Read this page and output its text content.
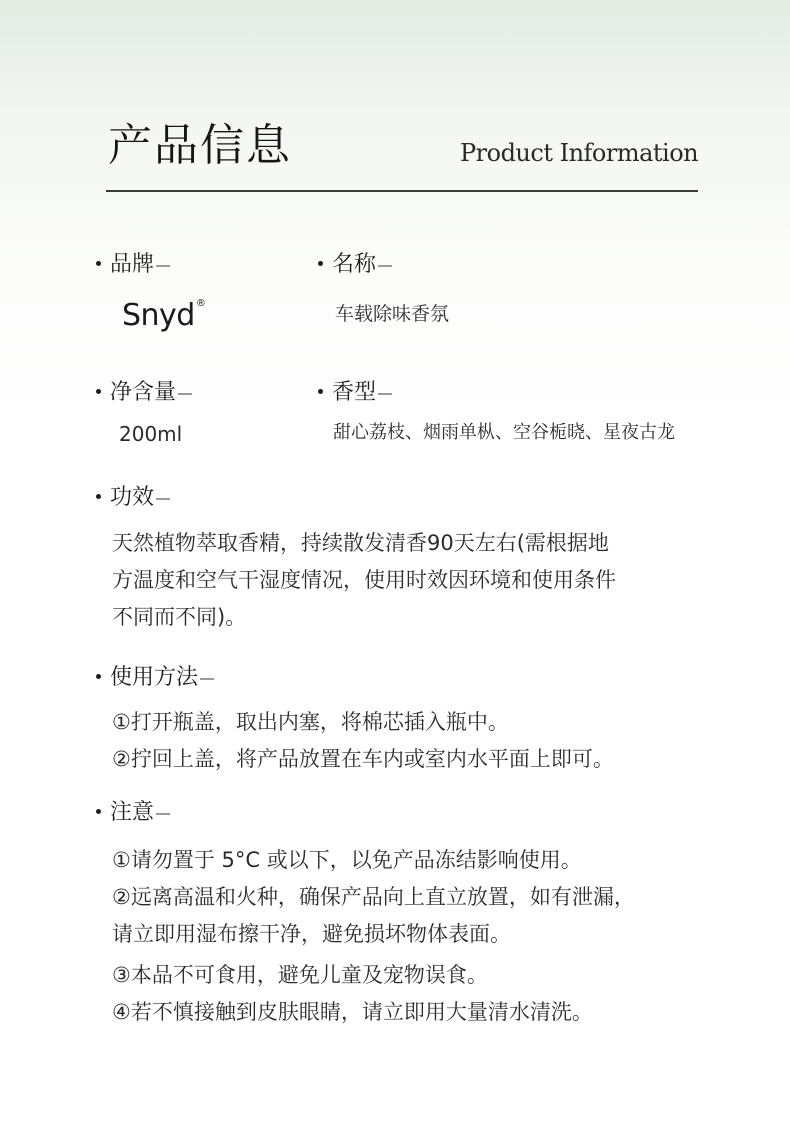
产品信息	Product Information
品牌
Snyd®
名称
车载除味香氛
净含量
200ml
香型
甜心荔枝、烟雨单枞、空谷栀晓、星夜古龙
功效
天然植物萃取香精，持续散发清香90天左右(需根据地
方温度和空气干湿度情况，使用时效因环境和使用条件
不同而不同)。
使用方法
①打开瓶盖，取出内塞，将棉芯插入瓶中。
②拧回上盖，将产品放置在车内或室内水平面上即可。
注意
①请勿置于 5°C 或以下，以免产品冻结影响使用。
②远离高温和火种，确保产品向上直立放置，如有泄漏，
请立即用湿布擦干净，避免损坏物体表面。
③本品不可食用，避免儿童及宠物误食。
④若不慎接触到皮肤眼睛，请立即用大量清水清洗。
